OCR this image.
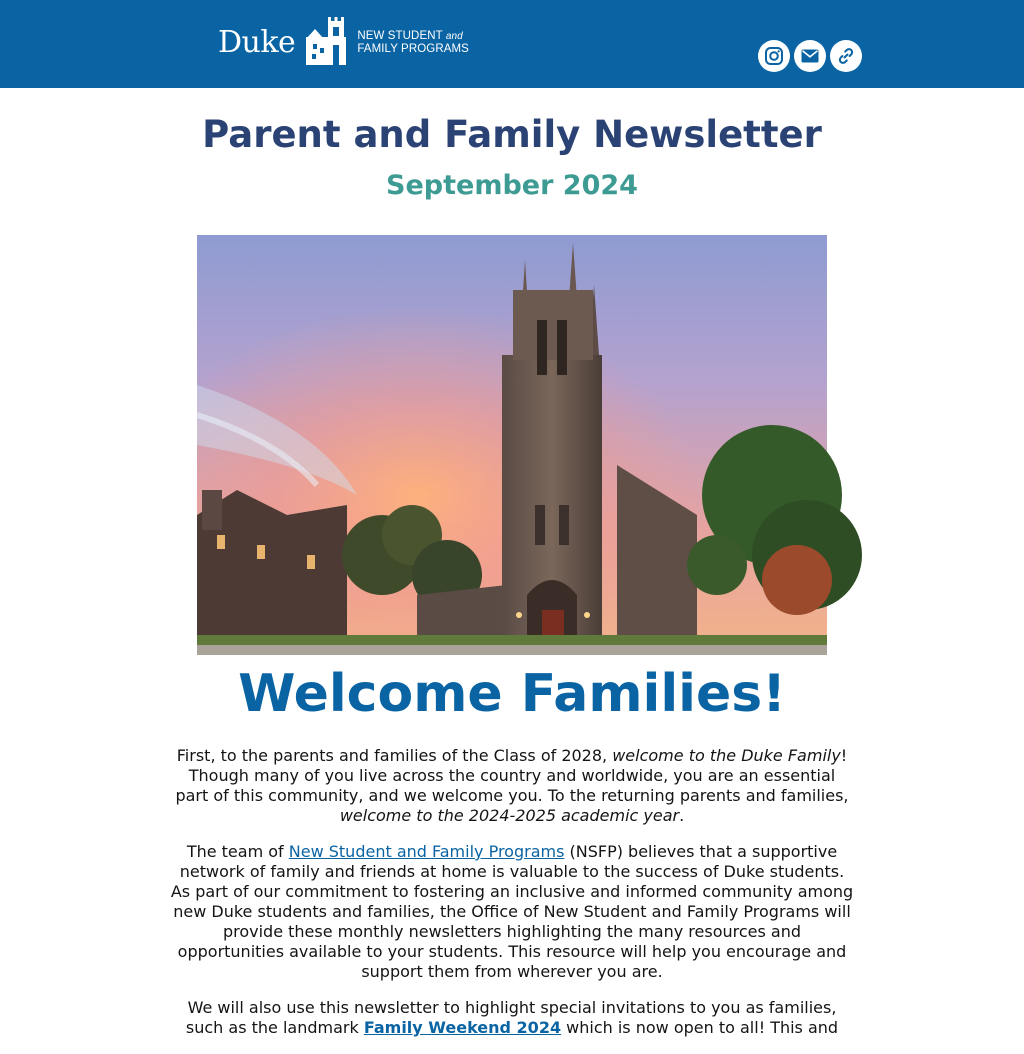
Duke	NEW STUDENT and
FAMILY PROGRAMS
Parent and Family Newsletter
September 2024
Welcome Families!

First, to the parents and families of the Class of 2028, welcome to the Duke Family! Though many of you live across the country and worldwide, you are an essential part of this community, and we welcome you. To the returning parents and families, welcome to the 2024-2025 academic year.

The team of New Student and Family Programs (NSFP) believes that a supportive network of family and friends at home is valuable to the success of Duke students. As part of our commitment to fostering an inclusive and informed community among new Duke students and families, the Office of New Student and Family Programs will provide these monthly newsletters highlighting the many resources and opportunities available to your students. This resource will help you encourage and support them from wherever you are.

We will also use this newsletter to highlight special invitations to you as families, such as the landmark Family Weekend 2024 which is now open to all! This and
